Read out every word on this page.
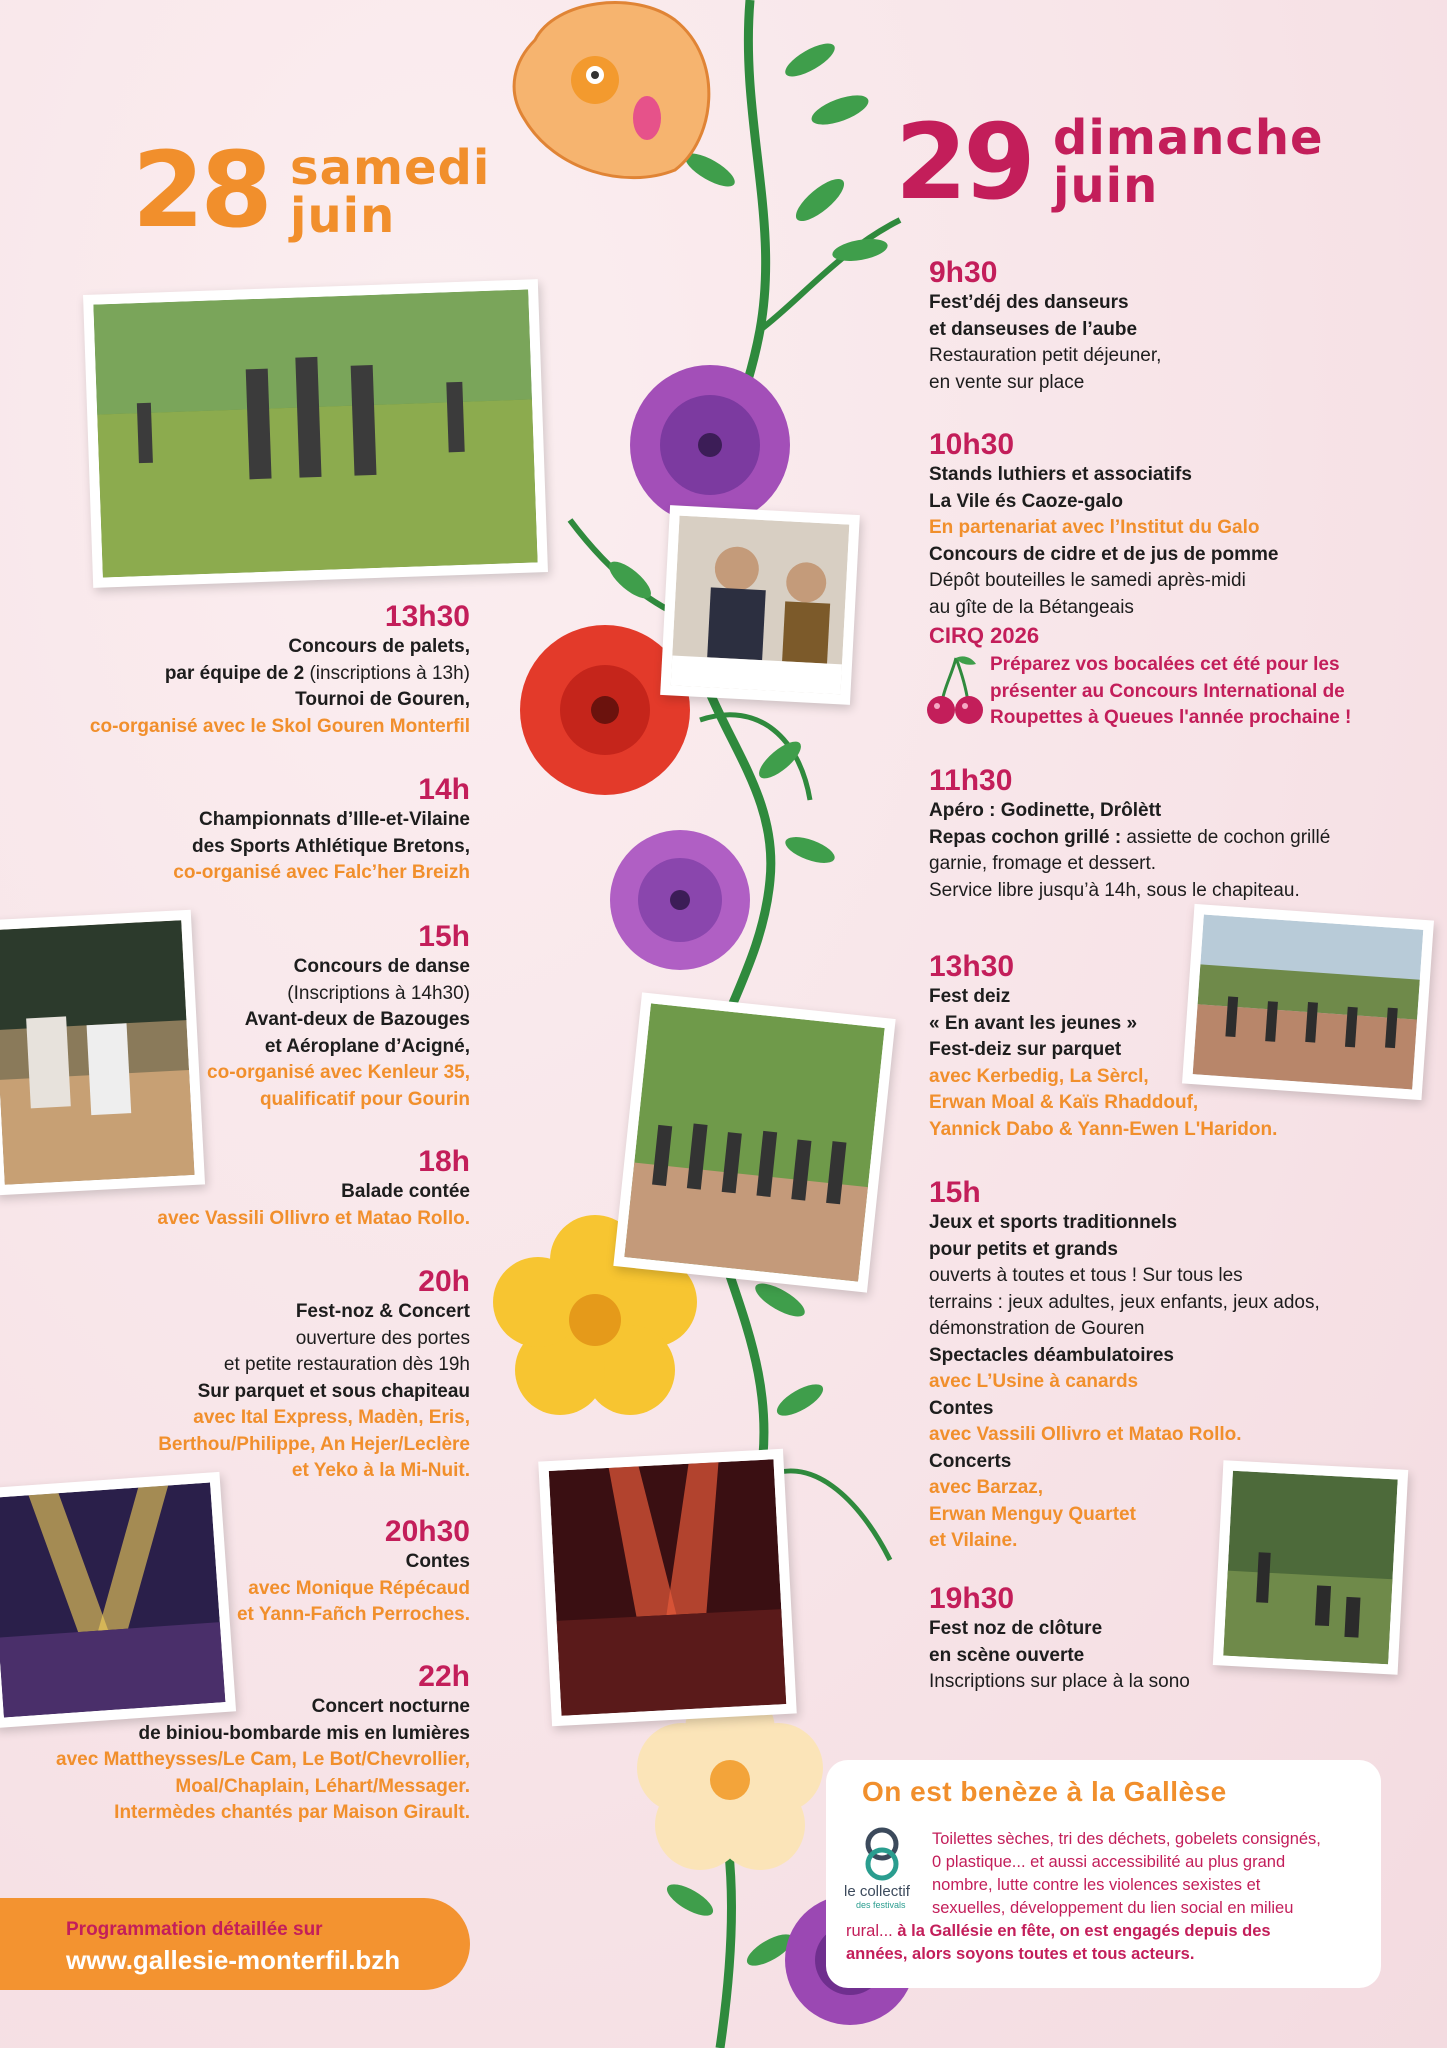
28 samedi
juin	29 dimanche
juin
13h30
Concours de palets,
par équipe de 2 (inscriptions à 13h)
Tournoi de Gouren,
co-organisé avec le Skol Gouren Monterfil
14h
Championnats d’Ille-et-Vilaine
des Sports Athlétique Bretons,
co-organisé avec Falc’her Breizh
15h
Concours de danse
(Inscriptions à 14h30)
Avant-deux de Bazouges
et Aéroplane d’Acigné,
co-organisé avec Kenleur 35,
qualificatif pour Gourin
18h
Balade contée
avec Vassili Ollivro et Matao Rollo.
20h
Fest-noz & Concert
ouverture des portes
et petite restauration dès 19h
Sur parquet et sous chapiteau
avec Ital Express, Madèn, Eris,
Berthou/Philippe, An Hejer/Leclère
et Yeko à la Mi-Nuit.
20h30
Contes
avec Monique Répécaud
et Yann-Fañch Perroches.
22h
Concert nocturne
de biniou-bombarde mis en lumières
avec Mattheysses/Le Cam, Le Bot/Chevrollier,
Moal/Chaplain, Léhart/Messager.
Intermèdes chantés par Maison Girault.
9h30
Fest’déj des danseurs
et danseuses de l’aube
Restauration petit déjeuner,
en vente sur place
10h30
Stands luthiers et associatifs
La Vile és Caoze-galo
En partenariat avec l’Institut du Galo
Concours de cidre et de jus de pomme
Dépôt bouteilles le samedi après-midi
au gîte de la Bétangeais
CIRQ 2026
Préparez vos bocalées cet été pour les
présenter au Concours International de
Roupettes à Queues l'année prochaine !
11h30
Apéro : Godinette, Drôlètt
Repas cochon grillé : assiette de cochon grillé
garnie, fromage et dessert.
Service libre jusqu’à 14h, sous le chapiteau.
13h30
Fest deiz
« En avant les jeunes »
Fest-deiz sur parquet
avec Kerbedig, La Sèrcl,
Erwan Moal & Kaïs Rhaddouf,
Yannick Dabo & Yann-Ewen L'Haridon.
15h
Jeux et sports traditionnels
pour petits et grands
ouverts à toutes et tous ! Sur tous les
terrains : jeux adultes, jeux enfants, jeux ados,
démonstration de Gouren
Spectacles déambulatoires
avec L’Usine à canards
Contes
avec Vassili Ollivro et Matao Rollo.
Concerts
avec Barzaz,
Erwan Menguy Quartet
et Vilaine.
19h30
Fest noz de clôture
en scène ouverte
Inscriptions sur place à la sono
Programmation détaillée sur
www.gallesie-monterfil.bzh
On est benèze à la Gallèse
le collectif
des festivals
Toilettes sèches, tri des déchets, gobelets consignés,
0 plastique... et aussi accessibilité au plus grand
nombre, lutte contre les violences sexistes et
sexuelles, développement du lien social en milieu
rural... à la Gallésie en fête, on est engagés depuis des
années, alors soyons toutes et tous acteurs.
